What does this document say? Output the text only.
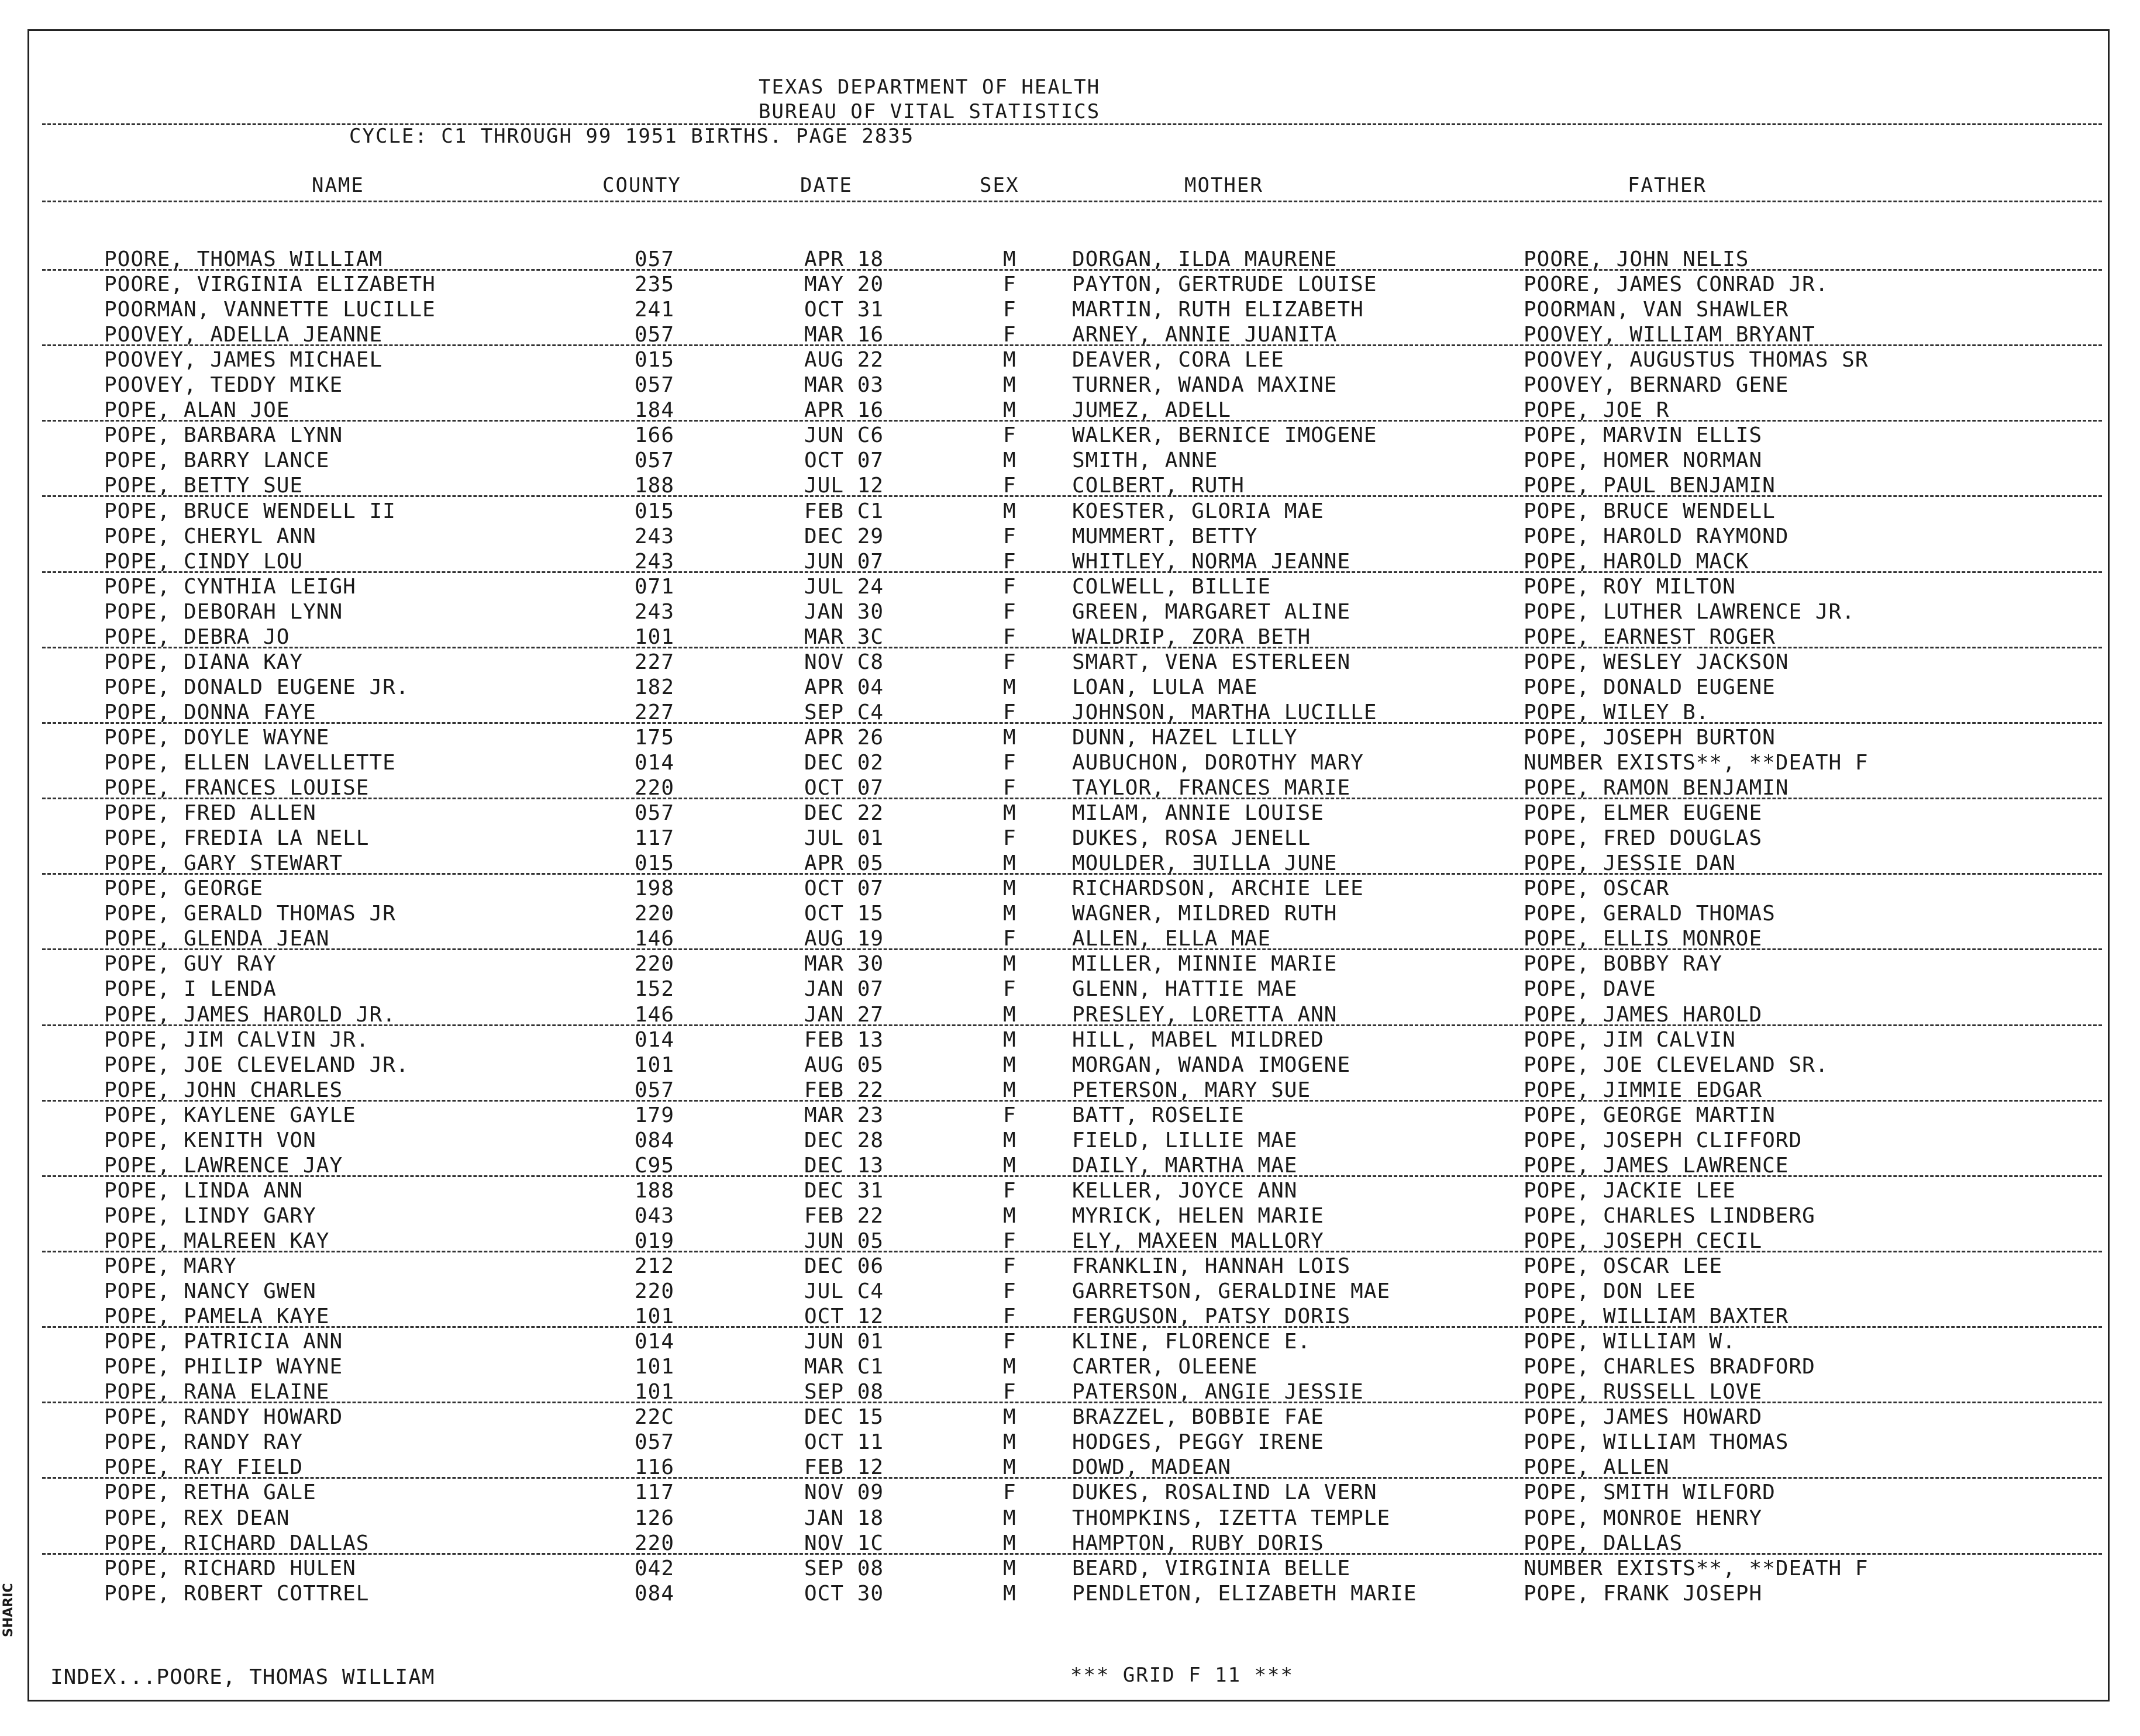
TEXAS DEPARTMENT OF HEALTH
BUREAU OF VITAL STATISTICS
CYCLE: C1 THROUGH 99 1951 BIRTHS. PAGE 2835
NAME	COUNTY	DATE	SEX	MOTHER	FATHER
POORE, THOMAS WILLIAM	057	APR 18	M	DORGAN, ILDA MAURENE	POORE, JOHN NELIS
POORE, VIRGINIA ELIZABETH	235	MAY 20	F	PAYTON, GERTRUDE LOUISE	POORE, JAMES CONRAD JR.
POORMAN, VANNETTE LUCILLE	241	OCT 31	F	MARTIN, RUTH ELIZABETH	POORMAN, VAN SHAWLER
POOVEY, ADELLA JEANNE	057	MAR 16	F	ARNEY, ANNIE JUANITA	POOVEY, WILLIAM BRYANT
POOVEY, JAMES MICHAEL	015	AUG 22	M	DEAVER, CORA LEE	POOVEY, AUGUSTUS THOMAS SR
POOVEY, TEDDY MIKE	057	MAR 03	M	TURNER, WANDA MAXINE	POOVEY, BERNARD GENE
POPE, ALAN JOE	184	APR 16	M	JUMEZ, ADELL	POPE, JOE R
POPE, BARBARA LYNN	166	JUN C6	F	WALKER, BERNICE IMOGENE	POPE, MARVIN ELLIS
POPE, BARRY LANCE	057	OCT 07	M	SMITH, ANNE	POPE, HOMER NORMAN
POPE, BETTY SUE	188	JUL 12	F	COLBERT, RUTH	POPE, PAUL BENJAMIN
POPE, BRUCE WENDELL II	015	FEB C1	M	KOESTER, GLORIA MAE	POPE, BRUCE WENDELL
POPE, CHERYL ANN	243	DEC 29	F	MUMMERT, BETTY	POPE, HAROLD RAYMOND
POPE, CINDY LOU	243	JUN 07	F	WHITLEY, NORMA JEANNE	POPE, HAROLD MACK
POPE, CYNTHIA LEIGH	071	JUL 24	F	COLWELL, BILLIE	POPE, ROY MILTON
POPE, DEBORAH LYNN	243	JAN 30	F	GREEN, MARGARET ALINE	POPE, LUTHER LAWRENCE JR.
POPE, DEBRA JO	101	MAR 3C	F	WALDRIP, ZORA BETH	POPE, EARNEST ROGER
POPE, DIANA KAY	227	NOV C8	F	SMART, VENA ESTERLEEN	POPE, WESLEY JACKSON
POPE, DONALD EUGENE JR.	182	APR 04	M	LOAN, LULA MAE	POPE, DONALD EUGENE
POPE, DONNA FAYE	227	SEP C4	F	JOHNSON, MARTHA LUCILLE	POPE, WILEY B.
POPE, DOYLE WAYNE	175	APR 26	M	DUNN, HAZEL LILLY	POPE, JOSEPH BURTON
POPE, ELLEN LAVELLETTE	014	DEC 02	F	AUBUCHON, DOROTHY MARY	NUMBER EXISTS**, **DEATH F
POPE, FRANCES LOUISE	220	OCT 07	F	TAYLOR, FRANCES MARIE	POPE, RAMON BENJAMIN
POPE, FRED ALLEN	057	DEC 22	M	MILAM, ANNIE LOUISE	POPE, ELMER EUGENE
POPE, FREDIA LA NELL	117	JUL 01	F	DUKES, ROSA JENELL	POPE, FRED DOUGLAS
POPE, GARY STEWART	015	APR 05	M	MOULDER, ƎUILLA JUNE	POPE, JESSIE DAN
POPE, GEORGE	198	OCT 07	M	RICHARDSON, ARCHIE LEE	POPE, OSCAR
POPE, GERALD THOMAS JR	220	OCT 15	M	WAGNER, MILDRED RUTH	POPE, GERALD THOMAS
POPE, GLENDA JEAN	146	AUG 19	F	ALLEN, ELLA MAE	POPE, ELLIS MONROE
POPE, GUY RAY	220	MAR 30	M	MILLER, MINNIE MARIE	POPE, BOBBY RAY
POPE, I LENDA	152	JAN 07	F	GLENN, HATTIE MAE	POPE, DAVE
POPE, JAMES HAROLD JR.	146	JAN 27	M	PRESLEY, LORETTA ANN	POPE, JAMES HAROLD
POPE, JIM CALVIN JR.	014	FEB 13	M	HILL, MABEL MILDRED	POPE, JIM CALVIN
POPE, JOE CLEVELAND JR.	101	AUG 05	M	MORGAN, WANDA IMOGENE	POPE, JOE CLEVELAND SR.
POPE, JOHN CHARLES	057	FEB 22	M	PETERSON, MARY SUE	POPE, JIMMIE EDGAR
POPE, KAYLENE GAYLE	179	MAR 23	F	BATT, ROSELIE	POPE, GEORGE MARTIN
POPE, KENITH VON	084	DEC 28	M	FIELD, LILLIE MAE	POPE, JOSEPH CLIFFORD
POPE, LAWRENCE JAY	C95	DEC 13	M	DAILY, MARTHA MAE	POPE, JAMES LAWRENCE
POPE, LINDA ANN	188	DEC 31	F	KELLER, JOYCE ANN	POPE, JACKIE LEE
POPE, LINDY GARY	043	FEB 22	M	MYRICK, HELEN MARIE	POPE, CHARLES LINDBERG
POPE, MALREEN KAY	019	JUN 05	F	ELY, MAXEEN MALLORY	POPE, JOSEPH CECIL
POPE, MARY	212	DEC 06	F	FRANKLIN, HANNAH LOIS	POPE, OSCAR LEE
POPE, NANCY GWEN	220	JUL C4	F	GARRETSON, GERALDINE MAE	POPE, DON LEE
POPE, PAMELA KAYE	101	OCT 12	F	FERGUSON, PATSY DORIS	POPE, WILLIAM BAXTER
POPE, PATRICIA ANN	014	JUN 01	F	KLINE, FLORENCE E.	POPE, WILLIAM W.
POPE, PHILIP WAYNE	101	MAR C1	M	CARTER, OLEENE	POPE, CHARLES BRADFORD
POPE, RANA ELAINE	101	SEP 08	F	PATERSON, ANGIE JESSIE	POPE, RUSSELL LOVE
POPE, RANDY HOWARD	22C	DEC 15	M	BRAZZEL, BOBBIE FAE	POPE, JAMES HOWARD
POPE, RANDY RAY	057	OCT 11	M	HODGES, PEGGY IRENE	POPE, WILLIAM THOMAS
POPE, RAY FIELD	116	FEB 12	M	DOWD, MADEAN	POPE, ALLEN
POPE, RETHA GALE	117	NOV 09	F	DUKES, ROSALIND LA VERN	POPE, SMITH WILFORD
POPE, REX DEAN	126	JAN 18	M	THOMPKINS, IZETTA TEMPLE	POPE, MONROE HENRY
POPE, RICHARD DALLAS	220	NOV 1C	M	HAMPTON, RUBY DORIS	POPE, DALLAS
POPE, RICHARD HULEN	042	SEP 08	M	BEARD, VIRGINIA BELLE	NUMBER EXISTS**, **DEATH F
POPE, ROBERT COTTREL	084	OCT 30	M	PENDLETON, ELIZABETH MARIE	POPE, FRANK JOSEPH
INDEX...POORE, THOMAS WILLIAM	*** GRID F 11 ***
SHARIC
